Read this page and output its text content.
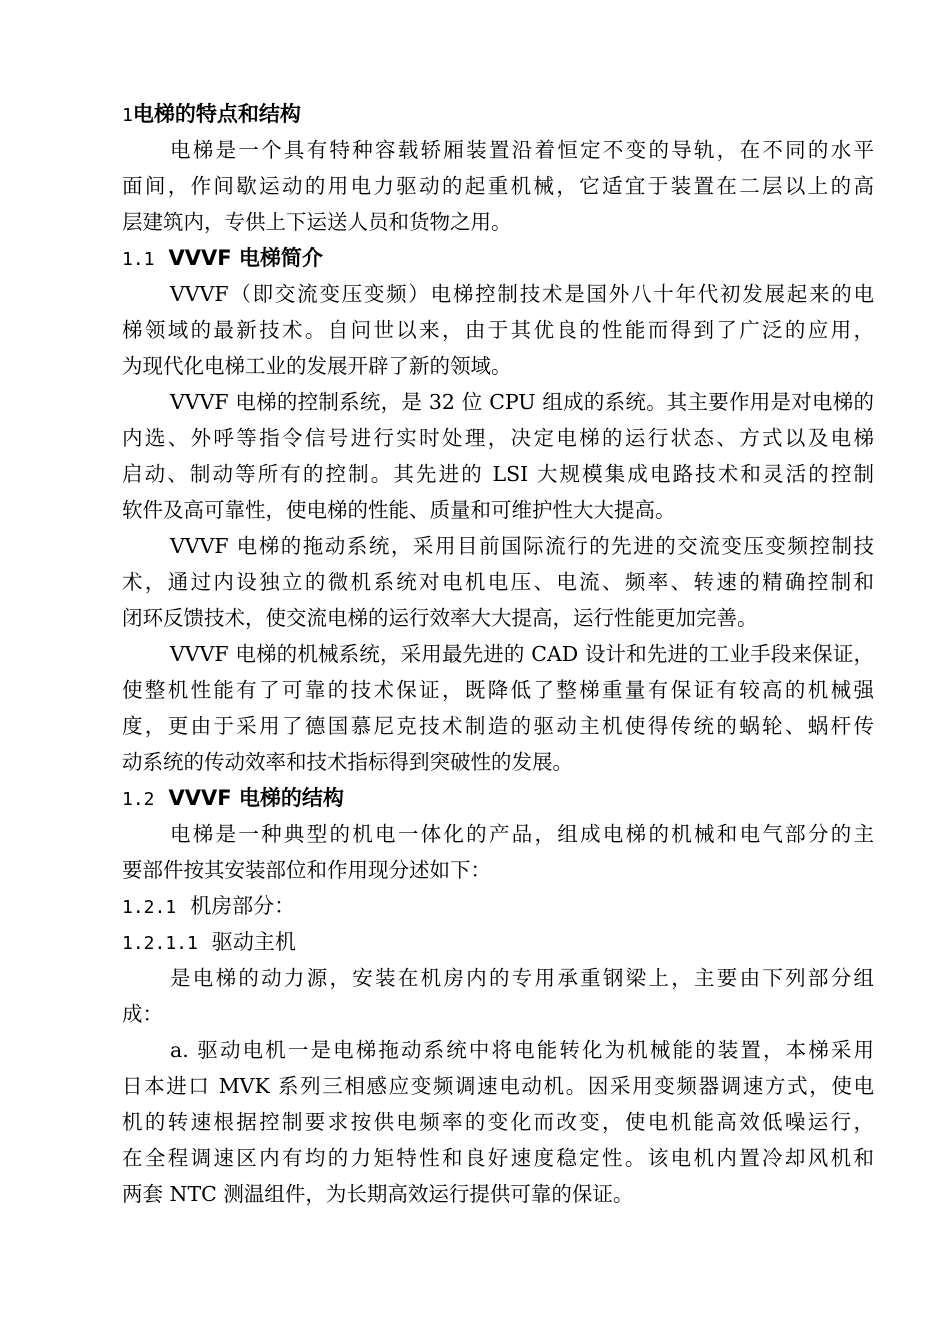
1电梯的特点和结构
电梯是一个具有特种容载轿厢装置沿着恒定不变的导轨，在不同的水平
面间，作间歇运动的用电力驱动的起重机械，它适宜于装置在二层以上的高
层建筑内，专供上下运送人员和货物之用。
1.1 VVVF 电梯简介
VVVF（即交流变压变频）电梯控制技术是国外八十年代初发展起来的电
梯领域的最新技术。自问世以来，由于其优良的性能而得到了广泛的应用，
为现代化电梯工业的发展开辟了新的领域。
VVVF 电梯的控制系统，是 32 位 CPU 组成的系统。其主要作用是对电梯的
内选、外呼等指令信号进行实时处理，决定电梯的运行状态、方式以及电梯
启动、制动等所有的控制。其先进的 LSI 大规模集成电路技术和灵活的控制
软件及高可靠性，使电梯的性能、质量和可维护性大大提高。
VVVF 电梯的拖动系统，采用目前国际流行的先进的交流变压变频控制技
术，通过内设独立的微机系统对电机电压、电流、频率、转速的精确控制和
闭环反馈技术，使交流电梯的运行效率大大提高，运行性能更加完善。
VVVF 电梯的机械系统，采用最先进的 CAD 设计和先进的工业手段来保证，
使整机性能有了可靠的技术保证，既降低了整梯重量有保证有较高的机械强
度，更由于采用了德国慕尼克技术制造的驱动主机使得传统的蜗轮、蜗杆传
动系统的传动效率和技术指标得到突破性的发展。
1.2 VVVF 电梯的结构
电梯是一种典型的机电一体化的产品，组成电梯的机械和电气部分的主
要部件按其安装部位和作用现分述如下：
1.2.1 机房部分：
1.2.1.1 驱动主机
是电梯的动力源，安装在机房内的专用承重钢梁上，主要由下列部分组
成：
a. 驱动电机一是电梯拖动系统中将电能转化为机械能的装置，本梯采用
日本进口 MVK 系列三相感应变频调速电动机。因采用变频器调速方式，使电
机的转速根据控制要求按供电频率的变化而改变，使电机能高效低噪运行，
在全程调速区内有均的力矩特性和良好速度稳定性。该电机内置冷却风机和
两套 NTC 测温组件，为长期高效运行提供可靠的保证。
